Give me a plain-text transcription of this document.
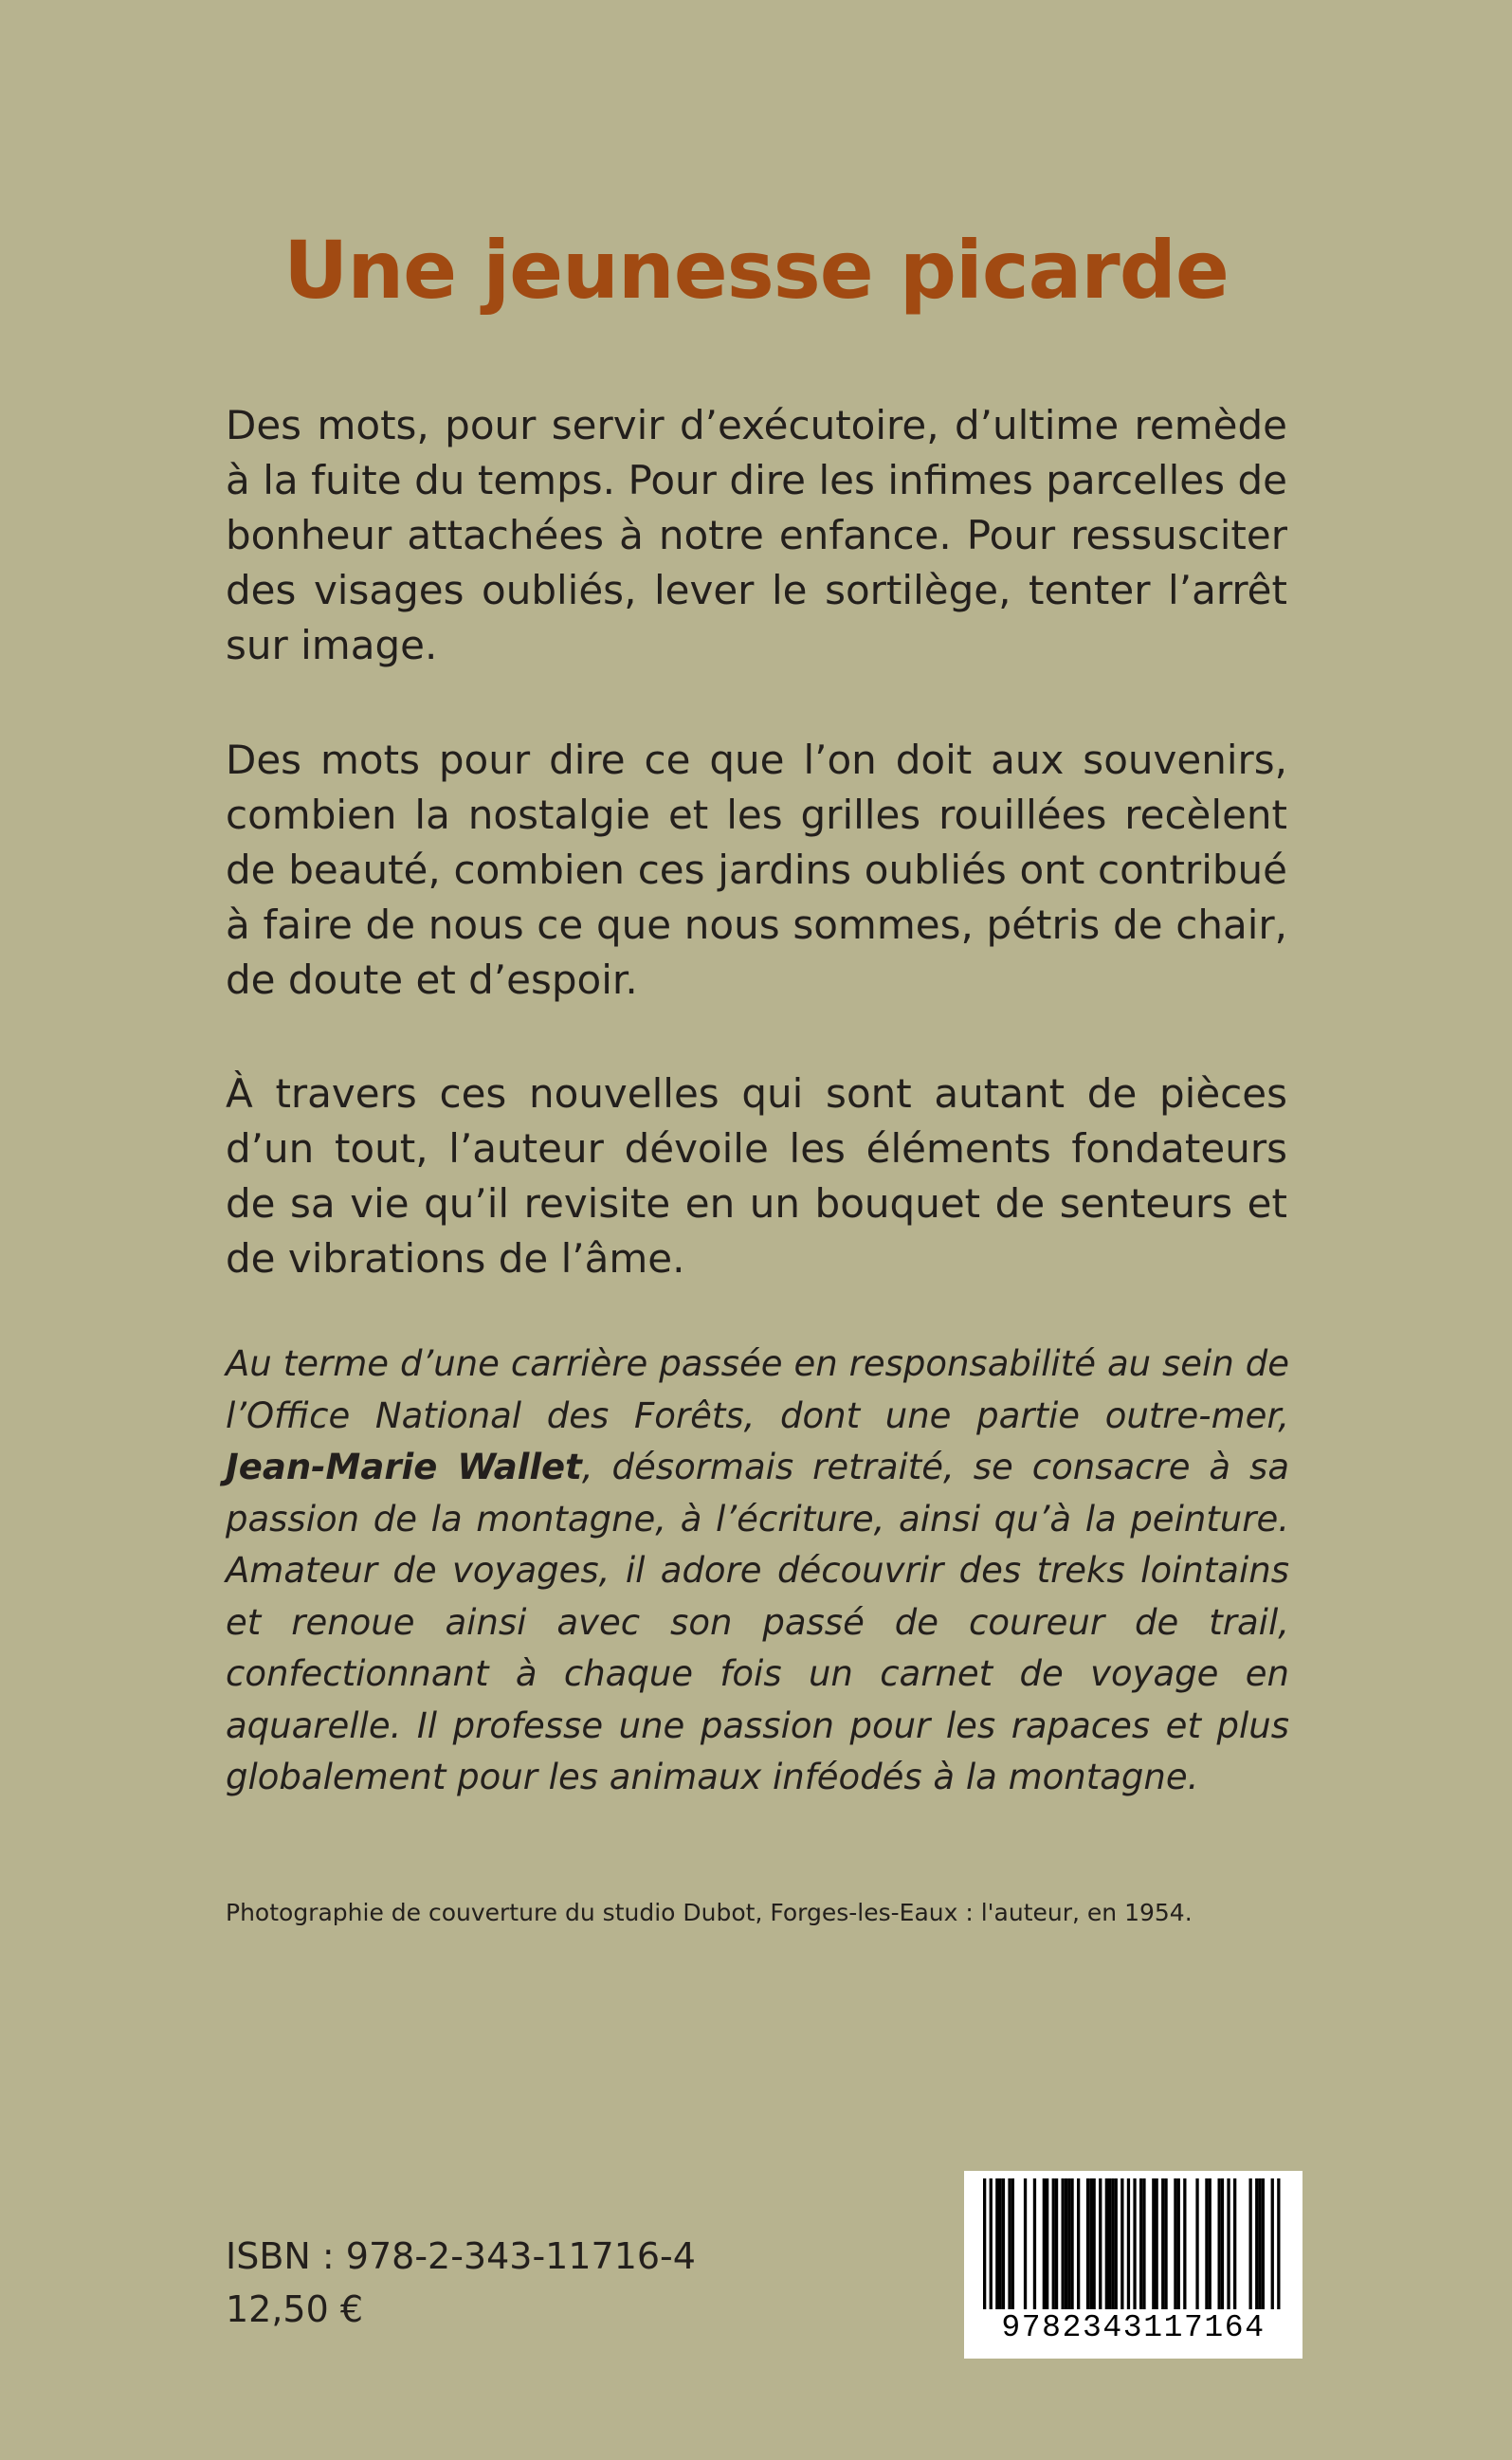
Une jeunesse picarde

Des mots, pour servir d’exécutoire, d’ultime remède à la fuite du temps. Pour dire les infimes parcelles de bonheur attachées à notre enfance. Pour ressusciter des visages oubliés, lever le sortilège, tenter l’arrêt sur image.

Des mots pour dire ce que l’on doit aux souvenirs, combien la nostalgie et les grilles rouillées recèlent de beauté, combien ces jardins oubliés ont contribué à faire de nous ce que nous sommes, pétris de chair, de doute et d’espoir.

À travers ces nouvelles qui sont autant de pièces d’un tout, l’auteur dévoile les éléments fondateurs de sa vie qu’il revisite en un bouquet de senteurs et de vibrations de l’âme.

Au terme d’une carrière passée en responsabilité au sein de l’Office National des Forêts, dont une partie outre-mer, Jean-Marie Wallet, désormais retraité, se consacre à sa passion de la montagne, à l’écriture, ainsi qu’à la peinture. Amateur de voyages, il adore découvrir des treks lointains et renoue ainsi avec son passé de coureur de trail, confectionnant à chaque fois un carnet de voyage en aquarelle. Il professe une passion pour les rapaces et plus globalement pour les animaux inféodés à la montagne.

Photographie de couverture du studio Dubot, Forges-les-Eaux : l'auteur, en 1954.

ISBN : 978-2-343-11716-4

12,50 €	9782343117164
